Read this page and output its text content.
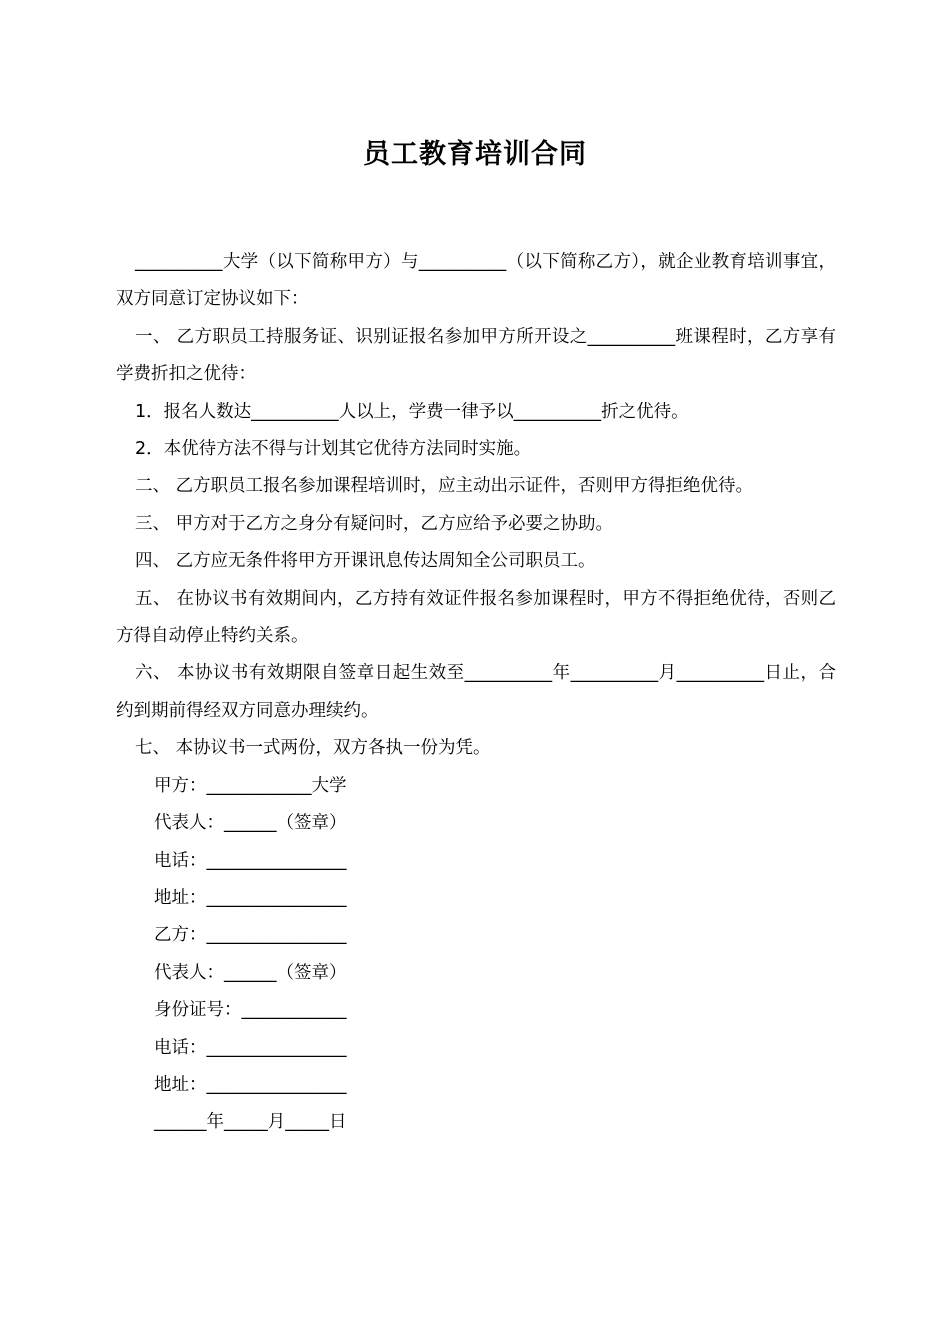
员工教育培训合同

__________大学（以下简称甲方）与__________（以下简称乙方），就企业教育培训事宜，双方同意订定协议如下：

一、 乙方职员工持服务证、识别证报名参加甲方所开设之__________班课程时，乙方享有学费折扣之优待：

1．报名人数达__________人以上，学费一律予以__________折之优待。

2．本优待方法不得与计划其它优待方法同时实施。

二、 乙方职员工报名参加课程培训时，应主动出示证件，否则甲方得拒绝优待。

三、 甲方对于乙方之身分有疑问时，乙方应给予必要之协助。

四、 乙方应无条件将甲方开课讯息传达周知全公司职员工。

五、 在协议书有效期间内，乙方持有效证件报名参加课程时，甲方不得拒绝优待，否则乙方得自动停止特约关系。

六、 本协议书有效期限自签章日起生效至__________年__________月__________日止，合约到期前得经双方同意办理续约。

七、 本协议书一式两份，双方各执一份为凭。

甲方：____________大学

代表人：______（签章）

电话：________________

地址：________________

乙方：________________

代表人：______（签章）

身份证号：____________

电话：________________

地址：________________

______年_____月_____日
